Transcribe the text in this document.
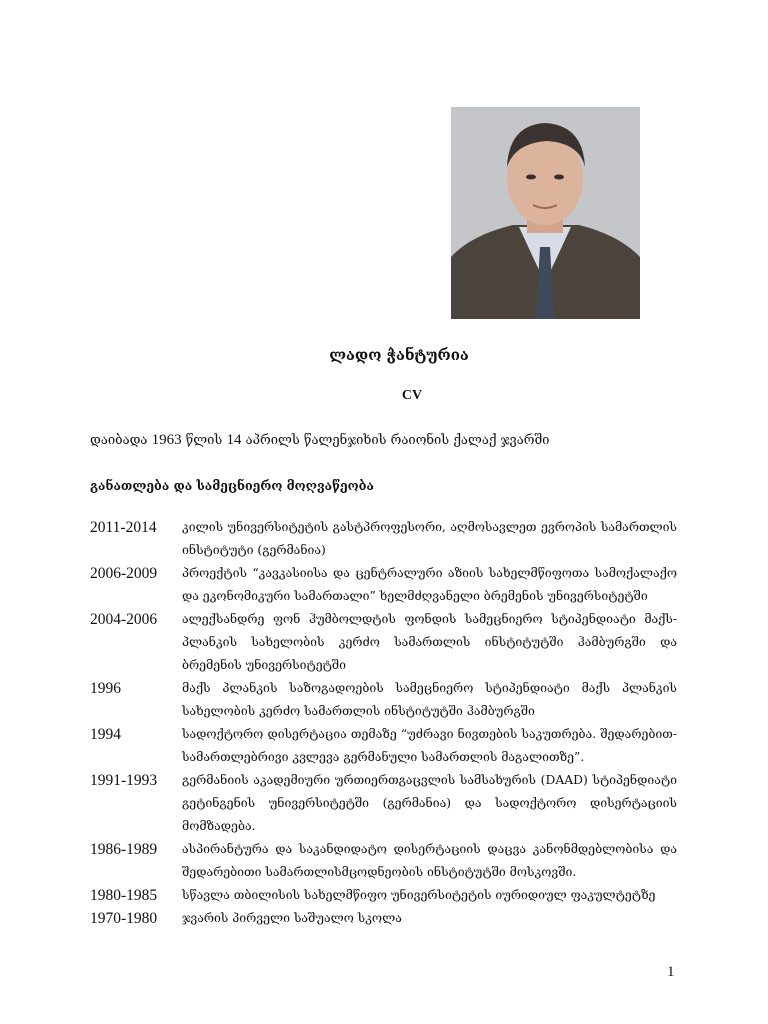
ლადო ჭანტურია
CV
დაიბადა 1963 წლის 14 აპრილს წალენჯიხის რაიონის ქალაქ ჯვარში
განათლება და სამეცნიერო მოღვაწეობა
2011-2014	კილის უნივერსიტეტის გასტპროფესორი, აღმოსავლეთ ევროპის სამართლის ინსტიტუტი (გერმანია)
2006-2009	პროექტის “კავკასიისა და ცენტრალური აზიის სახელმწიფოთა სამოქალაქო და ეკონომიკური სამართალი” ხელმძღვანელი ბრემენის უნივერსიტეტში
2004-2006	ალექსანდრე ფონ ჰუმბოლდტის ფონდის სამეცნიერო სტიპენდიატი მაქს-პლანკის სახელობის კერძო სამართლის ინსტიტუტში ჰამბურგში და ბრემენის უნივერსიტეტში
1996	მაქს პლანკის საზოგადოების სამეცნიერო სტიპენდიატი მაქს პლანკის სახელობის კერძო სამართლის ინსტიტუტში ჰამბურგში
1994	სადოქტორო დისერტაცია თემაზე “უძრავი ნივთების საკუთრება. შედარებით-სამართლებრივი კვლევა გერმანული სამართლის მაგალითზე”.
1991-1993	გერმანიის აკადემიური ურთიერთგაცვლის სამსახურის (DAAD) სტიპენდიატი გეტინგენის უნივერსიტეტში (გერმანია) და სადოქტორო დისერტაციის მომზადება.
1986-1989	ასპირანტურა და საკანდიდატო დისერტაციის დაცვა კანონმდებლობისა და შედარებითი სამართლისმცოდნეობის ინსტიტუტში მოსკოვში.
1980-1985	სწავლა თბილისის სახელმწიფო უნივერსიტეტის იურიდიულ ფაკულტეტზე
1970-1980	ჯვარის პირველი საშუალო სკოლა
1
